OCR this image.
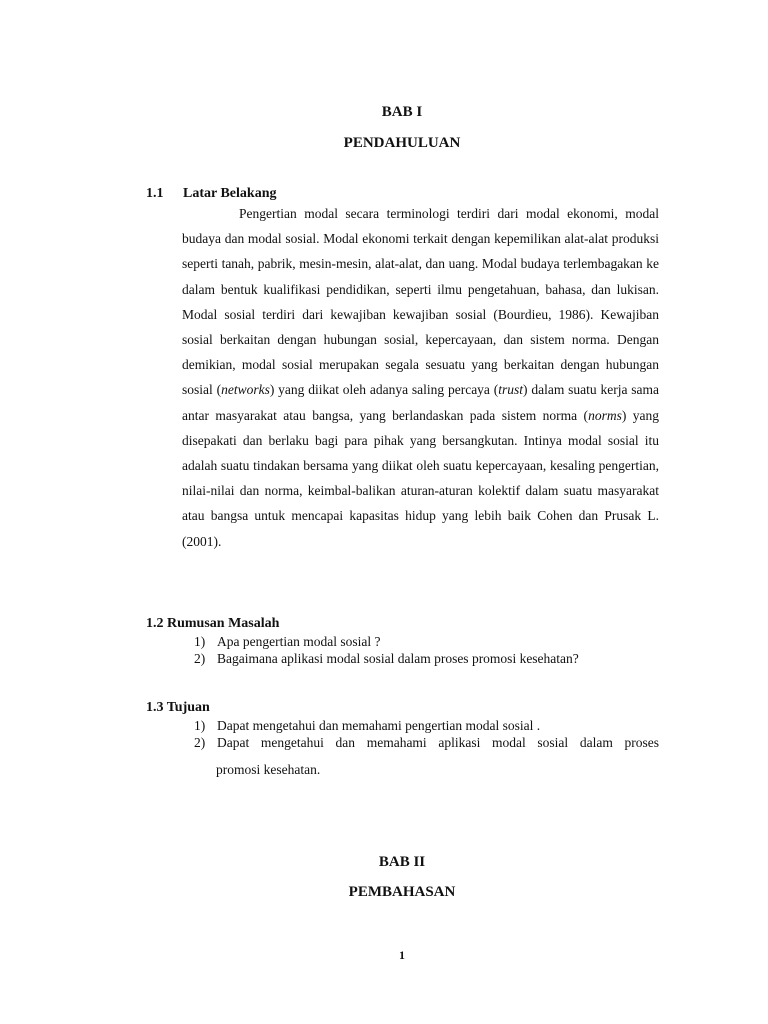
BAB I
PENDAHULUAN
1.1 Latar Belakang

Pengertian modal secara terminologi terdiri dari modal ekonomi, modal budaya dan modal sosial. Modal ekonomi terkait dengan kepemilikan alat-alat produksi seperti tanah, pabrik, mesin-mesin, alat-alat, dan uang. Modal budaya terlembagakan ke dalam bentuk kualifikasi pendidikan, seperti ilmu pengetahuan, bahasa, dan lukisan. Modal sosial terdiri dari kewajiban kewajiban sosial (Bourdieu, 1986). Kewajiban sosial berkaitan dengan hubungan sosial, kepercayaan, dan sistem norma. Dengan demikian, modal sosial merupakan segala sesuatu yang berkaitan dengan hubungan sosial (networks) yang diikat oleh adanya saling percaya (trust) dalam suatu kerja sama antar masyarakat atau bangsa, yang berlandaskan pada sistem norma (norms) yang disepakati dan berlaku bagi para pihak yang bersangkutan. Intinya modal sosial itu adalah suatu tindakan bersama yang diikat oleh suatu kepercayaan, kesaling pengertian, nilai-nilai dan norma, keimbal-balikan aturan-aturan kolektif dalam suatu masyarakat atau bangsa untuk mencapai kapasitas hidup yang lebih baik Cohen dan Prusak L. (2001).

1.2 Rumusan Masalah
1) Apa pengertian modal sosial ?
2) Bagaimana aplikasi modal sosial dalam proses promosi kesehatan?
1.3 Tujuan
1) Dapat mengetahui dan memahami pengertian modal sosial .
2) Dapat mengetahui dan memahami aplikasi modal sosial dalam proses
promosi kesehatan.
BAB II
PEMBAHASAN
1
